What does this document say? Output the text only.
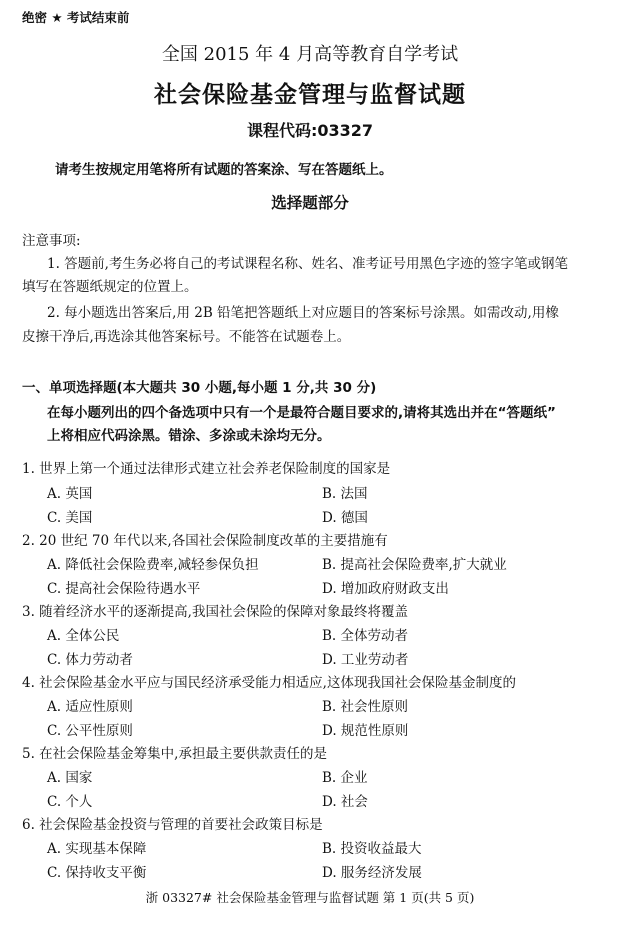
绝密 ★ 考试结束前
全国 2015 年 4 月高等教育自学考试
社会保险基金管理与监督试题
课程代码:03327
请考生按规定用笔将所有试题的答案涂、写在答题纸上。
选择题部分
注意事项:
1. 答题前,考生务必将自己的考试课程名称、姓名、准考证号用黑色字迹的签字笔或钢笔
填写在答题纸规定的位置上。
2. 每小题选出答案后,用 2B 铅笔把答题纸上对应题目的答案标号涂黑。如需改动,用橡
皮擦干净后,再选涂其他答案标号。不能答在试题卷上。
一、单项选择题(本大题共 30 小题,每小题 1 分,共 30 分)
在每小题列出的四个备选项中只有一个是最符合题目要求的,请将其选出并在“答题纸”
上将相应代码涂黑。错涂、多涂或未涂均无分。
1. 世界上第一个通过法律形式建立社会养老保险制度的国家是
A. 英国	B. 法国
C. 美国	D. 德国
2. 20 世纪 70 年代以来,各国社会保险制度改革的主要措施有
A. 降低社会保险费率,减轻参保负担	B. 提高社会保险费率,扩大就业
C. 提高社会保险待遇水平	D. 增加政府财政支出
3. 随着经济水平的逐渐提高,我国社会保险的保障对象最终将覆盖
A. 全体公民	B. 全体劳动者
C. 体力劳动者	D. 工业劳动者
4. 社会保险基金水平应与国民经济承受能力相适应,这体现我国社会保险基金制度的
A. 适应性原则	B. 社会性原则
C. 公平性原则	D. 规范性原则
5. 在社会保险基金筹集中,承担最主要供款责任的是
A. 国家	B. 企业
C. 个人	D. 社会
6. 社会保险基金投资与管理的首要社会政策目标是
A. 实现基本保障	B. 投资收益最大
C. 保持收支平衡	D. 服务经济发展
浙 03327# 社会保险基金管理与监督试题 第 1 页(共 5 页)
